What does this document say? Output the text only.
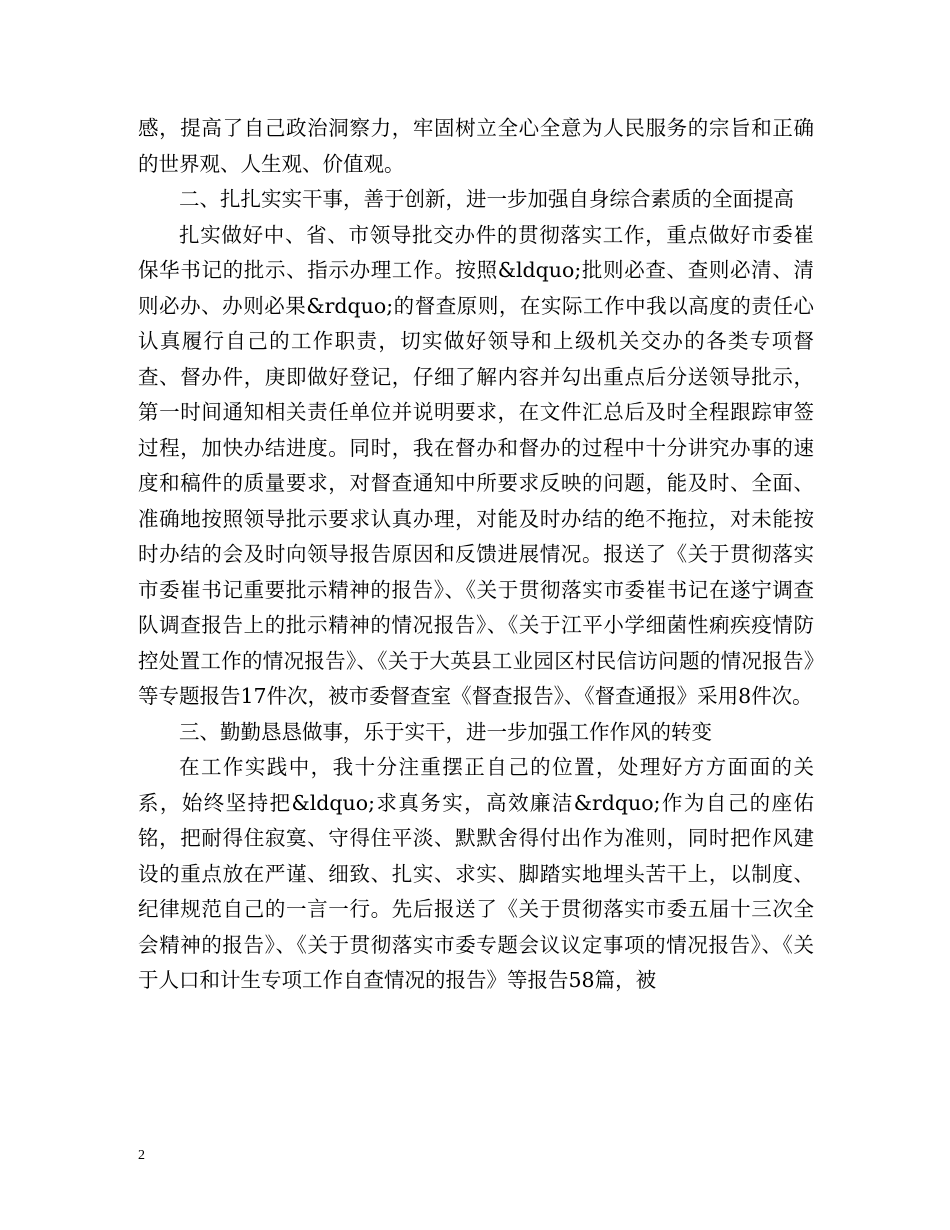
感，提高了自己政治洞察力，牢固树立全心全意为人民服务的宗旨和正确的世界观、人生观、价值观。

二、扎扎实实干事，善于创新，进一步加强自身综合素质的全面提高

扎实做好中、省、市领导批交办件的贯彻落实工作，重点做好市委崔保华书记的批示、指示办理工作。按照&ldquo;批则必查、查则必清、清则必办、办则必果&rdquo;的督查原则，在实际工作中我以高度的责任心认真履行自己的工作职责，切实做好领导和上级机关交办的各类专项督查、督办件，庚即做好登记，仔细了解内容并勾出重点后分送领导批示，第一时间通知相关责任单位并说明要求，在文件汇总后及时全程跟踪审签过程，加快办结进度。同时，我在督办和督办的过程中十分讲究办事的速度和稿件的质量要求，对督查通知中所要求反映的问题，能及时、全面、准确地按照领导批示要求认真办理，对能及时办结的绝不拖拉，对未能按时办结的会及时向领导报告原因和反馈进展情况。报送了《关于贯彻落实市委崔书记重要批示精神的报告》、《关于贯彻落实市委崔书记在遂宁调查队调查报告上的批示精神的情况报告》、《关于江平小学细菌性痢疾疫情防控处置工作的情况报告》、《关于大英县工业园区村民信访问题的情况报告》等专题报告17件次，被市委督查室《督查报告》、《督查通报》采用8件次。

三、勤勤恳恳做事，乐于实干，进一步加强工作作风的转变

在工作实践中，我十分注重摆正自己的位置，处理好方方面面的关系，始终坚持把&ldquo;求真务实，高效廉洁&rdquo;作为自己的座佑铭，把耐得住寂寞、守得住平淡、默默舍得付出作为准则，同时把作风建设的重点放在严谨、细致、扎实、求实、脚踏实地埋头苦干上，以制度、纪律规范自己的一言一行。先后报送了《关于贯彻落实市委五届十三次全会精神的报告》、《关于贯彻落实市委专题会议议定事项的情况报告》、《关于人口和计生专项工作自查情况的报告》等报告58篇，被

2
